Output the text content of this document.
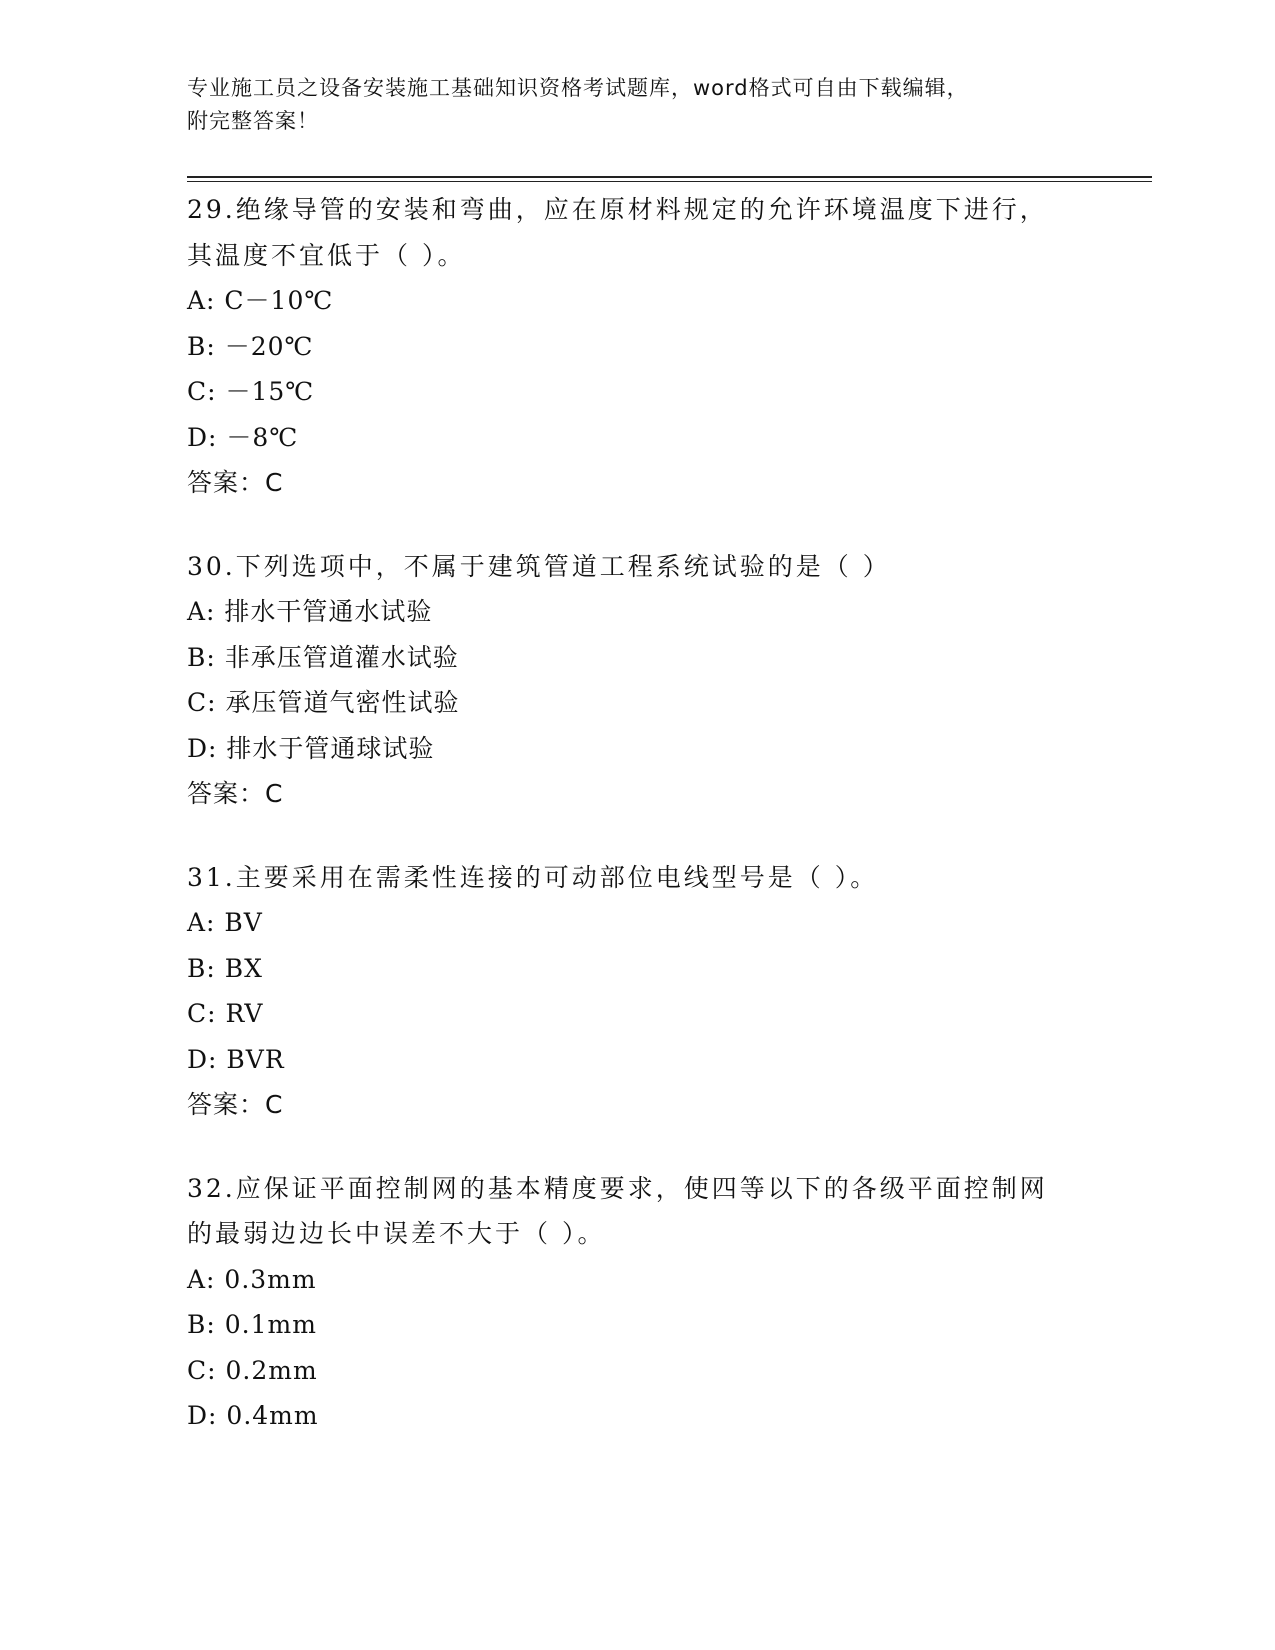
专业施工员之设备安装施工基础知识资格考试题库，word格式可自由下载编辑，
附完整答案！
29.绝缘导管的安装和弯曲，应在原材料规定的允许环境温度下进行，
其温度不宜低于（ ）。
A: C－10℃
B: －20℃
C: －15℃
D: －8℃
答案：C
30.下列选项中，不属于建筑管道工程系统试验的是（ ）
A: 排水干管通水试验
B: 非承压管道灌水试验
C: 承压管道气密性试验
D: 排水于管通球试验
答案：C
31.主要采用在需柔性连接的可动部位电线型号是（ ）。
A: BV
B: BX
C: RV
D: BVR
答案：C
32.应保证平面控制网的基本精度要求，使四等以下的各级平面控制网
的最弱边边长中误差不大于（ ）。
A: 0.3mm
B: 0.1mm
C: 0.2mm
D: 0.4mm
